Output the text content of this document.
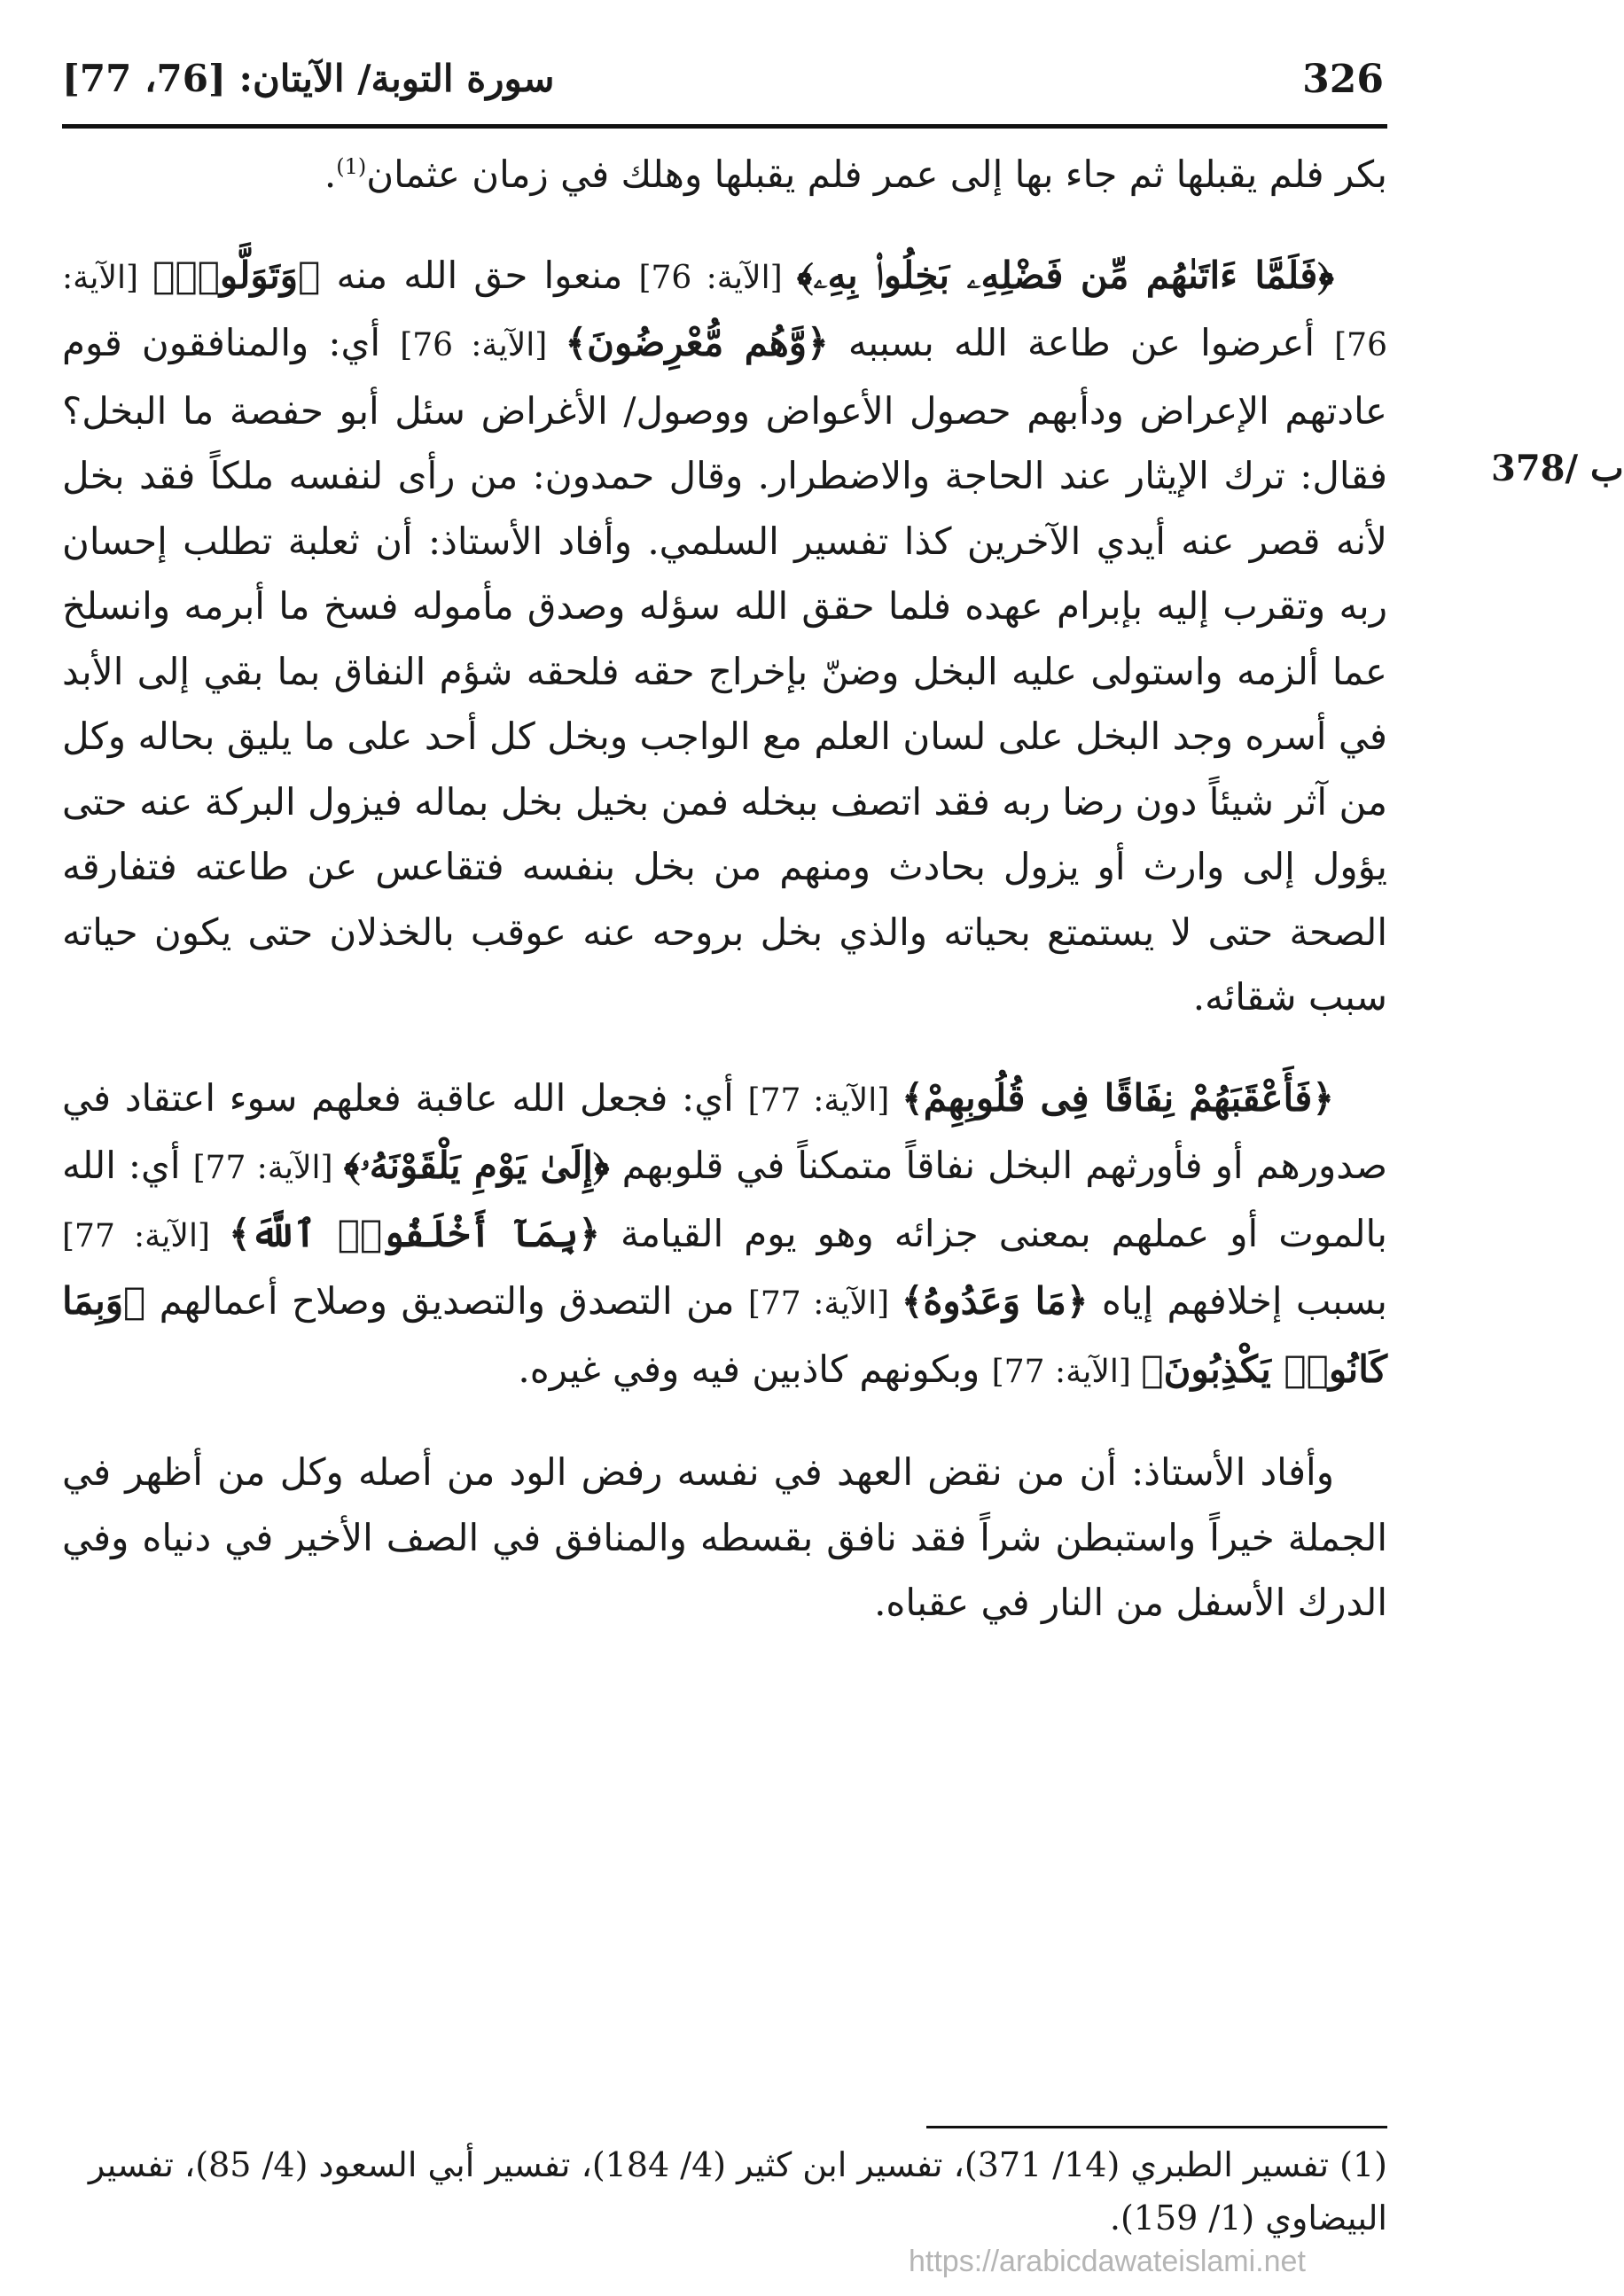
سورة التوبة/ الآيتان: [76، 77]	326
378/ ب

بكر فلم يقبلها ثم جاء بها إلى عمر فلم يقبلها وهلك في زمان عثمان$^{(1)}$.

﴿فَلَمَّا ءَاتَىٰهُم مِّن فَضْلِهِۦ بَخِلُوا۟ بِهِۦ﴾ [الآية: 76] منعوا حق الله منه ﴿وَتَوَلَّوا۟﴾ [الآية: 76] أعرضوا عن طاعة الله بسببه ﴿وَّهُم مُّعْرِضُونَ﴾ [الآية: 76] أي: والمنافقون قوم عادتهم الإعراض ودأبهم حصول الأعواض ووصول/ الأغراض سئل أبو حفصة ما البخل؟ فقال: ترك الإيثار عند الحاجة والاضطرار. وقال حمدون: من رأى لنفسه ملكاً فقد بخل لأنه قصر عنه أيدي الآخرين كذا تفسير السلمي. وأفاد الأستاذ: أن ثعلبة تطلب إحسان ربه وتقرب إليه بإبرام عهده فلما حقق الله سؤله وصدق مأموله فسخ ما أبرمه وانسلخ عما ألزمه واستولى عليه البخل وضنّ بإخراج حقه فلحقه شؤم النفاق بما بقي إلى الأبد في أسره وجد البخل على لسان العلم مع الواجب وبخل كل أحد على ما يليق بحاله وكل من آثر شيئاً دون رضا ربه فقد اتصف ببخله فمن بخيل بخل بماله فيزول البركة عنه حتى يؤول إلى وارث أو يزول بحادث ومنهم من بخل بنفسه فتقاعس عن طاعته فتفارقه الصحة حتى لا يستمتع بحياته والذي بخل بروحه عنه عوقب بالخذلان حتى يكون حياته سبب شقائه.

﴿فَأَعْقَبَهُمْ نِفَاقًا فِى قُلُوبِهِمْ﴾ [الآية: 77] أي: فجعل الله عاقبة فعلهم سوء اعتقاد في صدورهم أو فأورثهم البخل نفاقاً متمكناً في قلوبهم ﴿إِلَىٰ يَوْمِ يَلْقَوْنَهُۥ﴾ [الآية: 77] أي: الله بالموت أو عملهم بمعنى جزائه وهو يوم القيامة ﴿بِمَآ أَخْلَفُوا۟ ٱللَّهَ﴾ [الآية: 77] بسبب إخلافهم إياه ﴿مَا وَعَدُوهُ﴾ [الآية: 77] من التصدق والتصديق وصلاح أعمالهم ﴿وَبِمَا كَانُوا۟ يَكْذِبُونَ﴾ [الآية: 77] وبكونهم كاذبين فيه وفي غيره.

وأفاد الأستاذ: أن من نقض العهد في نفسه رفض الود من أصله وكل من أظهر في الجملة خيراً واستبطن شراً فقد نافق بقسطه والمنافق في الصف الأخير في دنياه وفي الدرك الأسفل من النار في عقباه.

(1) تفسير الطبري (14/ 371)، تفسير ابن كثير (4/ 184)، تفسير أبي السعود (4/ 85)، تفسير البيضاوي (1/ 159).
https://arabicdawateislami.net
